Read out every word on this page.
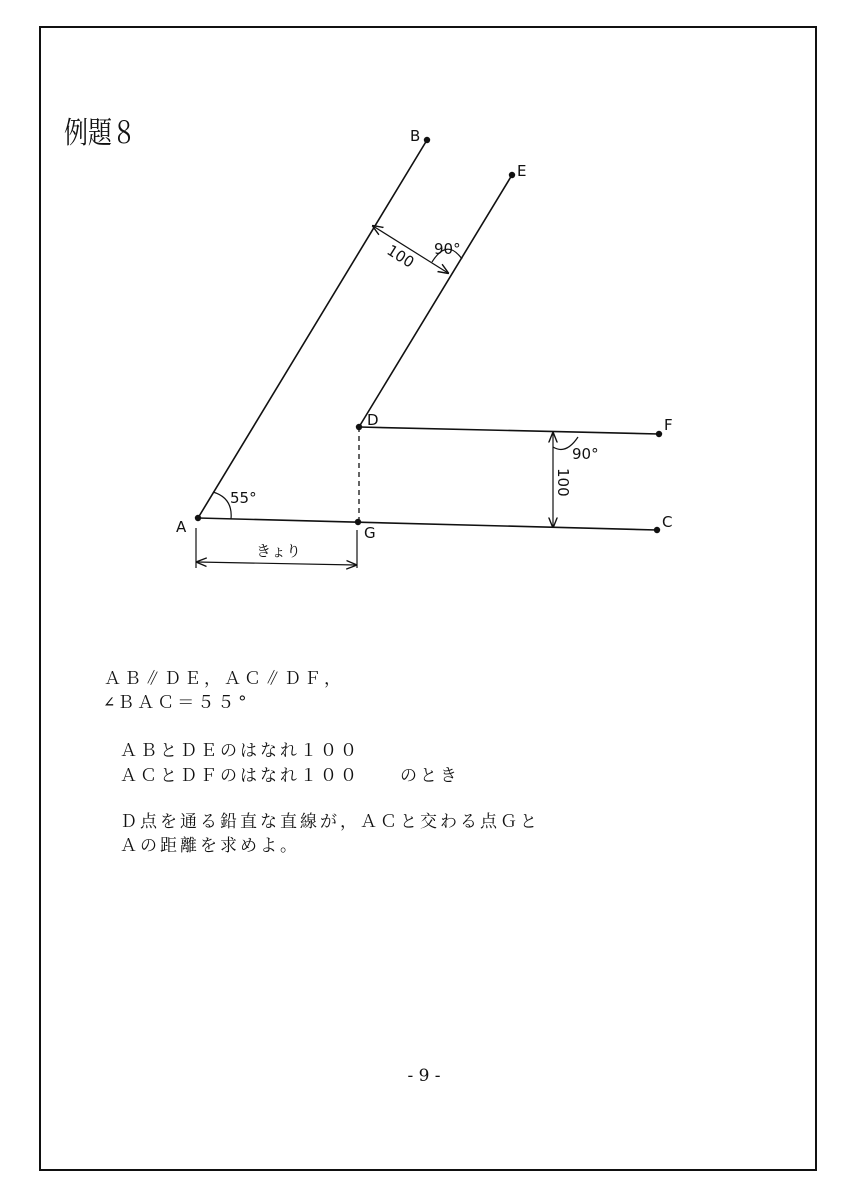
例題８
100 90°
100
90°
55°
きょり
A
B
C
D
E
F
G
ＡＢ∥ＤＥ，ＡＣ∥ＤＦ，
∠ＢＡＣ＝５５°
ＡＢとＤＥのはなれ１００
ＡＣとＤＦのはなれ１００　　のとき
Ｄ点を通る鉛直な直線が，ＡＣと交わる点Ｇと
Ａの距離を求めよ。
- 9 -
